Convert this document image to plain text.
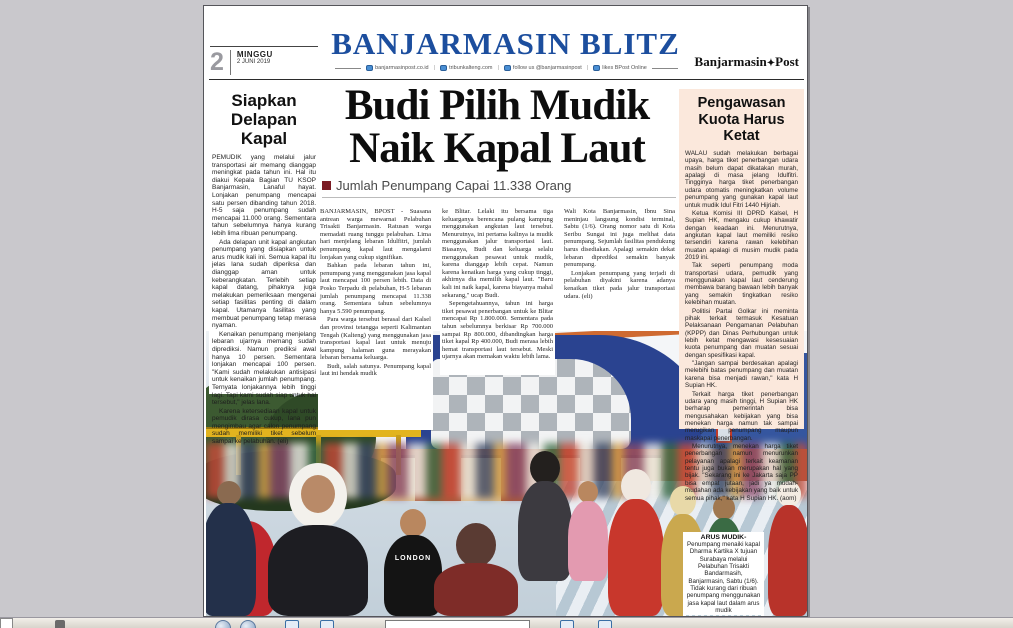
BANJARMASIN BLITZ
2	MINGGU
2 JUNI 2019	Banjarmasin✦Post
banjarmasinpost.co.id |	tribunkalteng.com |	follow us @banjarmasinpost |	likes BPost Online
LONDON
Siapkan Delapan Kapal

PEMUDIK yang melalui jalur transportasi air memang dianggap meningkat pada tahun ini. Hal itu diakui Kepala Bagian TU KSOP Banjarmasin, Lanaful hayat. Lonjakan penumpang mencapai satu persen dibanding tahun 2018. H-5 saja penumpang sudah mencapai 11.000 orang. Sementara tahun sebelumnya hanya kurang lebih lima ribuan penumpang.

Ada delapan unit kapal angkutan penumpang yang disiapkan untuk arus mudik kali ini. Semua kapal itu jelas lana sudah diperiksa dan dianggap aman untuk keberangkatan. Terlebih setiap kapal datang, pihaknya juga melakukan pemeriksaan mengenai setiap fasilitas penting di dalam kapal. Utamanya fasilitas yang membuat penumpang tetap merasa nyaman.

Kenaikan penumpang menjelang lebaran ujarnya memang sudah diprediksi. Namun prediksi awal hanya 10 persen. Sementara lonjakan mencapai 100 persen. "Kami sudah melakukan antisipasi untuk kenaikan jumlah penumpang. Ternyata lonjakannya lebih tinggi lagi. Tapi kami sudah siap untuk hal tersebut," jelas lana.

Karena ketersediaan kapal untuk pemudik dirasa cukup, lana pun mengimbau agar calon penumpang sudah memiliki tiket sebelum sampai ke pelabuhan. (eli)

Budi Pilih Mudik
Naik Kapal Laut
Jumlah Penumpang Capai 11.338 Orang

BANJARMASIN, BPOST - Suasana antrean warga mewarnai Pelabuhan Trisakti Banjarmasin. Ratusan warga memadati ruang tunggu pelabuhan. Lima hari menjelang lebaran Idulfitri, jumlah penumpang kapal laut mengalami lonjakan yang cukup signifikan.

Bahkan pada lebaran tahun ini, penumpang yang menggunakan jasa kapal laut mencapai 100 persen lebih. Data di Posko Terpadu di pelabuhan, H-5 lebaran jumlah penumpang mencapai 11.338 orang. Sementara tahun sebelumnya hanya 5.590 penumpang.

Para warga tersebut berasal dari Kalsel dan provinsi tetangga seperti Kalimantan Tengah (Kalteng) yang menggunakan jasa transportasi kapal laut untuk menuju kampung halaman guna merayakan lebaran bersama keluarga.

Budi, salah satunya. Penumpang kapal laut ini hendak mudik

ke Blitar. Lelaki itu bersama tiga keluarganya berencana pulang kampung menggunakan angkutan laut tersebut. Menurutnya, ini pertama kalinya ia mudik menggunakan jalur transportasi laut. Biasanya, Budi dan keluarga selalu menggunakan pesawat untuk mudik, karena dianggap lebih cepat. Namun karena kenaikan harga yang cukup tinggi, akhirnya dia memilih kapal laut. "Baru kali ini naik kapal, karena biayanya mahal sekarang," ucap Budi.

Sepengetahuannya, tahun ini harga tiket pesawat penerbangan untuk ke Blitar mencapai Rp 1.800.000. Sementara pada tahun sebelumnya berkisar Rp 700.000 sampai Rp 800.000, dibandingkan harga tiket kapal Rp 400.000, Budi merasa lebih hemat transportasi laut tersebut. Meski ujarnya akan memakan waktu lebih lama.

Wali Kota Banjarmasin, Ibnu Sina meninjau langsung kondisi terminal, Sabtu (1/6). Orang nomor satu di Kota Seribu Sungai ini juga melihat data penumpang. Sejumlah fasilitas pendukung harus disediakan. Apalagi semakin dekat lebaran diprediksi semakin banyak penumpang.

Lonjakan penumpang yang terjadi di pelabuhan diyakini karena adanya kenaikan tiket pada jalur transportasi udara. (eli)

Pengawasan
Kuota Harus Ketat

WALAU sudah melakukan berbagai upaya, harga tiket penerbangan udara masih belum dapat dikatakan murah, apalagi di masa jelang Idulfitri. Tingginya harga tiket penerbangan udara otomatis meningkatkan volume penumpang yang gunakan kapal laut untuk mudik Idul Fitri 1440 Hijriah.

Ketua Komisi III DPRD Kalsel, H Supian HK, mengaku cukup khawatir dengan keadaan ini. Menurutnya, angkutan kapal laut memiliki resiko tersendiri karena rawan kelebihan muatan apalagi di musim mudik pada 2019 ini.

Tak seperti penumpang moda transportasi udara, pemudik yang menggunakan kapal laut cenderung membawa barang bawaan lebih banyak yang semakin tingkatkan resiko kelebihan muatan.

Politisi Partai Golkar ini meminta pihak terkait termasuk Kesatuan Pelaksanaan Pengamanan Pelabuhan (KPPP) dan Dinas Perhubungan untuk lebih ketat mengawasi kesesuaian kuota penumpang dan muatan sesuai dengan spesifikasi kapal.

"Jangan sampai berdesakan apalagi melebihi batas penumpang dan muatan karena bisa menjadi rawan," kata H Supian HK.

Terkait harga tiket penerbangan udara yang masih tinggi, H Supian HK berharap pemerintah bisa mengusahakan kebijakan yang bisa menekan harga namun tak sampai merugikan penumpang maupun maskapai penerbangan.

Menurutnya, menekan harga tiket penerbangan namun menurunkan pelayanan apalagi terkait keamanan tentu juga bukan merupakan hal yang bijak. "Sekarang ini ke Jakarta saja PP bisa empat jutaan, jadi ya mudah-mudahan ada kebijakan yang baik untuk semua pihak," kata H Supian HK. (aom)

ARUS MUDIK-
Penumpang menaiki kapal Dharma Kartika X tujuan Surabaya melalui Pelabuhan Trisakti Bandarmasih, Banjarmasin, Sabtu (1/6). Tidak kurang dari ribuan penumpang menggunakan jasa kapal laut dalam arus mudik
